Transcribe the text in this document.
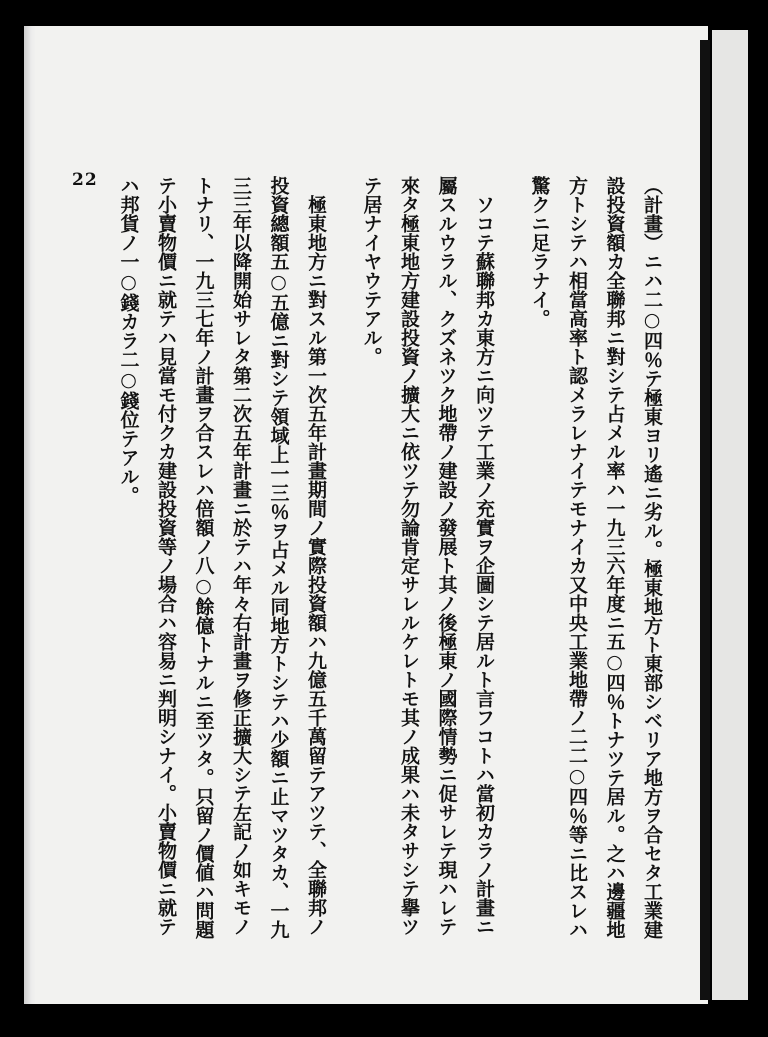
22	（計畫）ニハ二○四％テ極東ヨリ遙ニ劣ル。極東地方ト東部シベリア地方ヲ合セタ工業建
設投資額カ全聯邦ニ對シテ占メル率ハ一九三六年度ニ五○四％トナツテ居ル。之ハ邊疆地
方トシテハ相當高率ト認メラレナイテモナイカ又中央工業地帶ノ二二○四％等ニ比スレハ
驚クニ足ラナイ。
ソコテ蘇聯邦カ東方ニ向ツテ工業ノ充實ヲ企圖シテ居ルト言フコトハ當初カラノ計畫ニ
屬スルウラル、クズネツク地帶ノ建設ノ發展ト其ノ後極東ノ國際情勢ニ促サレテ現ハレテ
來タ極東地方建設投資ノ擴大ニ依ツテ勿論肯定サレルケレトモ其ノ成果ハ未タサシテ擧ツ
テ居ナイヤウテアル。
極東地方ニ對スル第一次五年計畫期間ノ實際投資額ハ九億五千萬留テアツテ、全聯邦ノ
投資總額五○五億ニ對シテ領域上一三％ヲ占メル同地方トシテハ少額ニ止マツタカ、一九
三三年以降開始サレタ第二次五年計畫ニ於テハ年々右計畫ヲ修正擴大シテ左記ノ如キモノ
トナリ、一九三七年ノ計畫ヲ合スレハ倍額ノ八○餘億トナルニ至ツタ。只留ノ價値ハ問題
テ小賣物價ニ就テハ見當モ付クカ建設投資等ノ場合ハ容易ニ判明シナイ。小賣物價ニ就テ
ハ邦貨ノ一○錢カラ二○錢位テアル。
